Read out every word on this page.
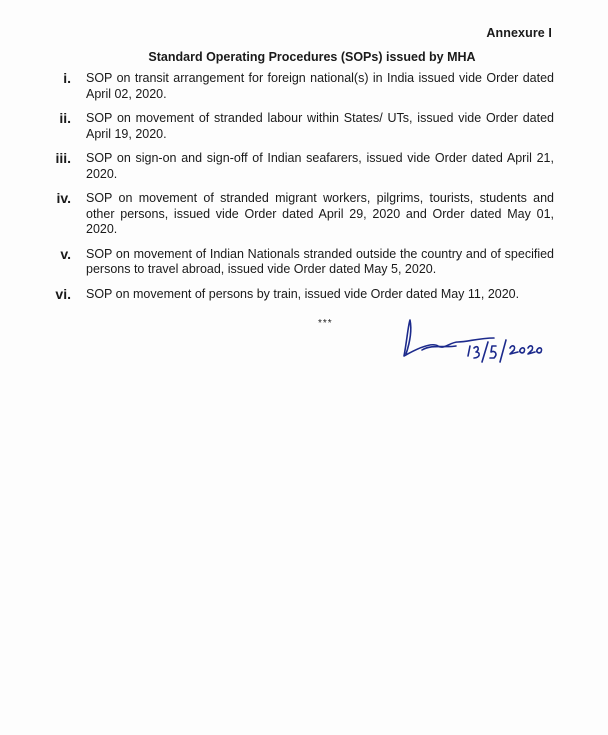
Annexure I
Standard Operating Procedures (SOPs) issued by MHA
i.	SOP on transit arrangement for foreign national(s) in India issued vide Order dated April 02, 2020.
ii.	SOP on movement of stranded labour within States/ UTs, issued vide Order dated April 19, 2020.
iii.	SOP on sign-on and sign-off of Indian seafarers, issued vide Order dated April 21, 2020.
iv.	SOP on movement of stranded migrant workers, pilgrims, tourists, students and other persons, issued vide Order dated April 29, 2020 and Order dated May 01, 2020.
v.	SOP on movement of Indian Nationals stranded outside the country and of specified persons to travel abroad, issued vide Order dated May 5, 2020.
vi.	SOP on movement of persons by train, issued vide Order dated May 11, 2020.
***
